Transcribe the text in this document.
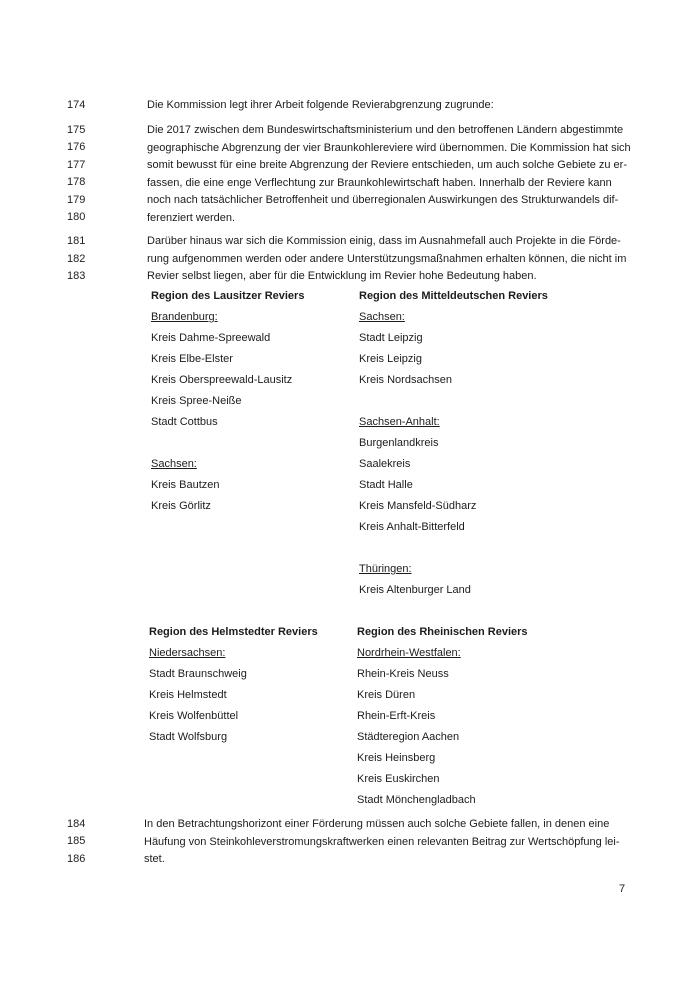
174
175
176
177
178
179
180
181
182
183
184
185
186
Die Kommission legt ihrer Arbeit folgende Revierabgrenzung zugrunde:
Die 2017 zwischen dem Bundeswirtschaftsministerium und den betroffenen Ländern abgestimmte
geographische Abgrenzung der vier Braunkohlereviere wird übernommen. Die Kommission hat sich
somit bewusst für eine breite Abgrenzung der Reviere entschieden, um auch solche Gebiete zu er-
fassen, die eine enge Verflechtung zur Braunkohlewirtschaft haben. Innerhalb der Reviere kann
noch nach tatsächlicher Betroffenheit und überregionalen Auswirkungen des Strukturwandels dif-
ferenziert werden.
Darüber hinaus war sich die Kommission einig, dass im Ausnahmefall auch Projekte in die Förde-
rung aufgenommen werden oder andere Unterstützungsmaßnahmen erhalten können, die nicht im
Revier selbst liegen, aber für die Entwicklung im Revier hohe Bedeutung haben.
Region des Lausitzer Reviers
Brandenburg:
Kreis Dahme-Spreewald
Kreis Elbe-Elster
Kreis Oberspreewald-Lausitz
Kreis Spree-Neiße
Stadt Cottbus
Sachsen:
Kreis Bautzen
Kreis Görlitz
Region des Mitteldeutschen Reviers
Sachsen:
Stadt Leipzig
Kreis Leipzig
Kreis Nordsachsen
Sachsen-Anhalt:
Burgenlandkreis
Saalekreis
Stadt Halle
Kreis Mansfeld-Südharz
Kreis Anhalt-Bitterfeld
Thüringen:
Kreis Altenburger Land
Region des Helmstedter Reviers
Niedersachsen:
Stadt Braunschweig
Kreis Helmstedt
Kreis Wolfenbüttel
Stadt Wolfsburg
Region des Rheinischen Reviers
Nordrhein-Westfalen:
Rhein-Kreis Neuss
Kreis Düren
Rhein-Erft-Kreis
Städteregion Aachen
Kreis Heinsberg
Kreis Euskirchen
Stadt Mönchengladbach
In den Betrachtungshorizont einer Förderung müssen auch solche Gebiete fallen, in denen eine
Häufung von Steinkohleverstromungskraftwerken einen relevanten Beitrag zur Wertschöpfung lei-
stet.
7
